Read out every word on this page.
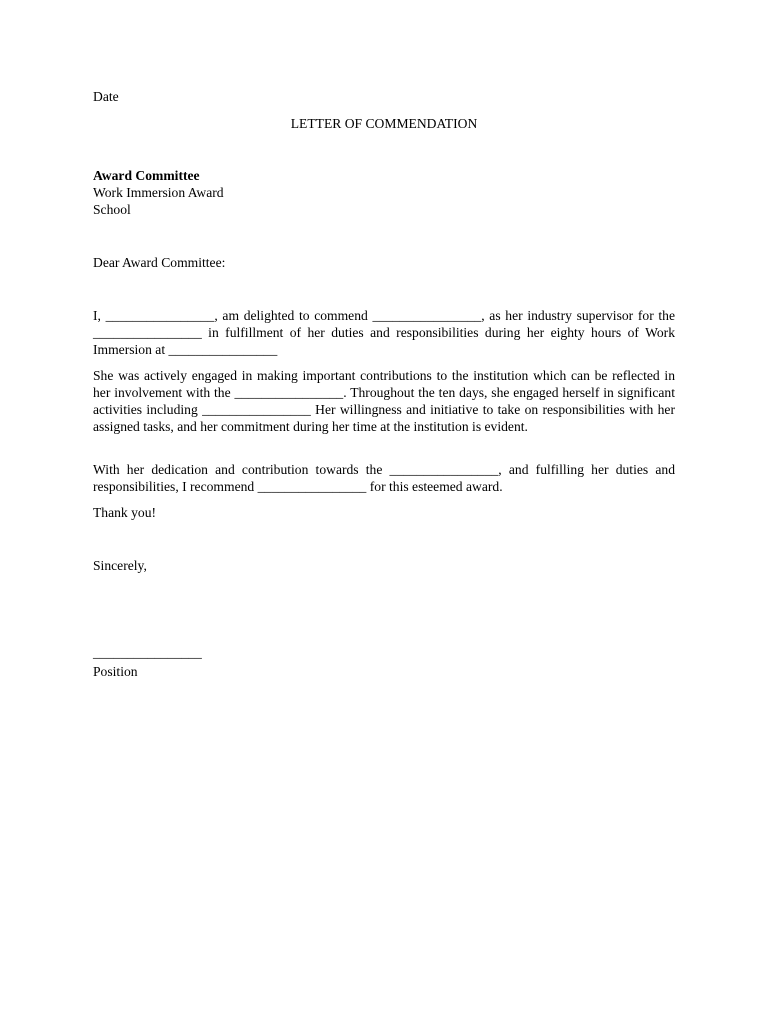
Date

LETTER OF COMMENDATION

Award Committee
Work Immersion Award
School

Dear Award Committee:

I, ________________, am delighted to commend ________________, as her industry supervisor for the ________________ in fulfillment of her duties and responsibilities during her eighty hours of Work Immersion at ________________

She was actively engaged in making important contributions to the institution which can be reflected in her involvement with the ________________. Throughout the ten days, she engaged herself in significant activities including ________________ Her willingness and initiative to take on responsibilities with her assigned tasks, and her commitment during her time at the institution is evident.

With her dedication and contribution towards the ________________, and fulfilling her duties and responsibilities, I recommend ________________ for this esteemed award.

Thank you!

Sincerely,

________________

Position
